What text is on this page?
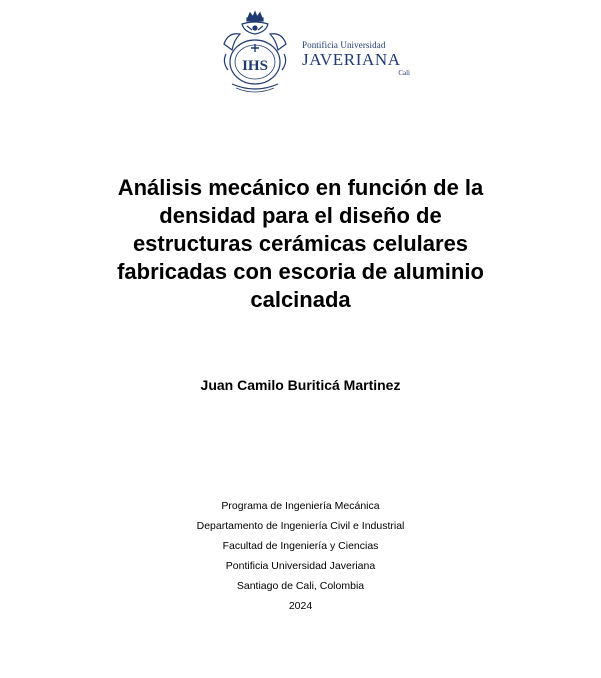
IHS
Pontificia Universidad
JAVERIANA
Cali
Análisis mecánico en función de la
densidad para el diseño de
estructuras cerámicas celulares
fabricadas con escoria de aluminio
calcinada
Juan Camilo Buriticá Martinez
Programa de Ingeniería Mecánica
Departamento de Ingeniería Civil e Industrial
Facultad de Ingeniería y Ciencias
Pontificia Universidad Javeriana
Santiago de Cali, Colombia
2024
